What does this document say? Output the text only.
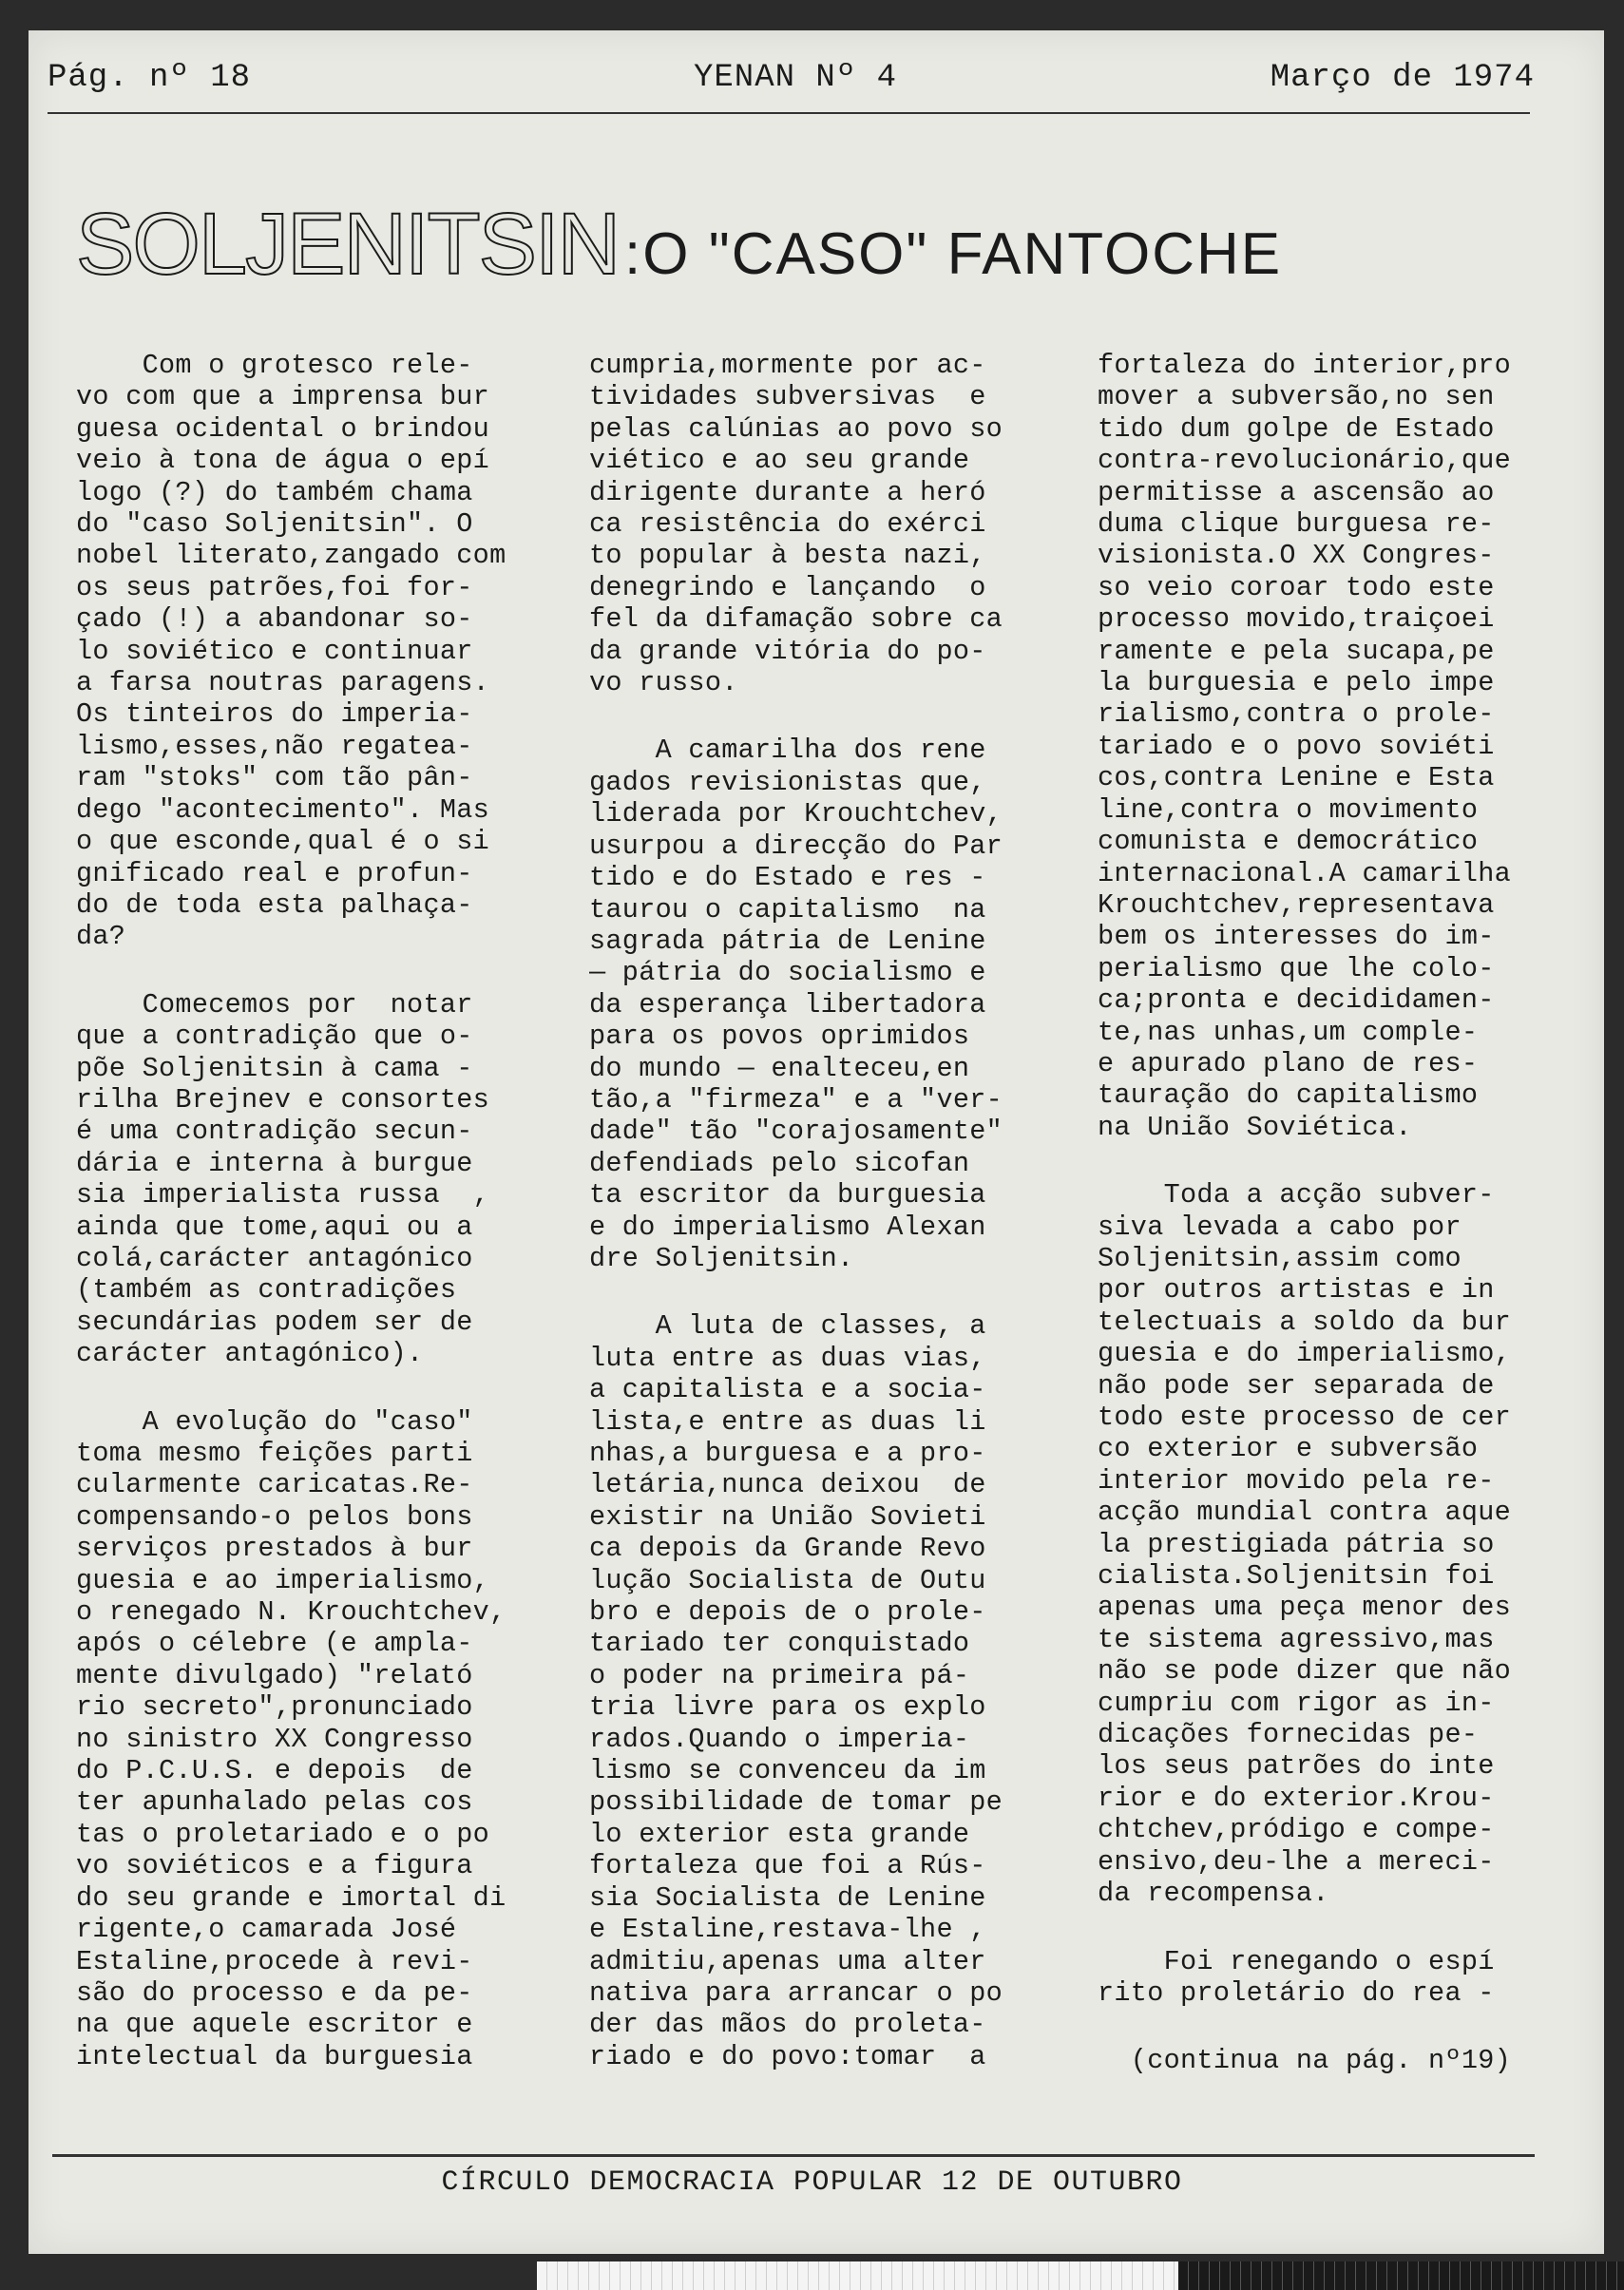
Pág. nº 18	YENAN Nº 4	Março de 1974
SOLJENITSIN:O "CASO" FANTOCHE

Com o grotesco rele-
vo com que a imprensa bur
guesa ocidental o brindou
veio à tona de água o epí
logo (?) do também chama
do "caso Soljenitsin". O
nobel literato,zangado com
os seus patrões,foi for-
çado (!) a abandonar so-
lo soviético e continuar
a farsa noutras paragens.
Os tinteiros do imperia-
lismo,esses,não regatea-
ram "stoks" com tão pân-
dego "acontecimento". Mas
o que esconde,qual é o si
gnificado real e profun-
do de toda esta palhaça-
da?

Comecemos por  notar
que a contradição que o-
põe Soljenitsin à cama -
rilha Brejnev e consortes
é uma contradição secun-
dária e interna à burgue
sia imperialista russa  ,
ainda que tome,aqui ou a
colá,carácter antagónico
(também as contradições
secundárias podem ser de
carácter antagónico).

A evolução do "caso"
toma mesmo feições parti
cularmente caricatas.Re-
compensando-o pelos bons
serviços prestados à bur
guesia e ao imperialismo,
o renegado N. Krouchtchev,
após o célebre (e ampla-
mente divulgado) "relató
rio secreto",pronunciado
no sinistro XX Congresso
do P.C.U.S. e depois  de
ter apunhalado pelas cos
tas o proletariado e o po
vo soviéticos e a figura
do seu grande e imortal di
rigente,o camarada José
Estaline,procede à revi-
são do processo e da pe-
na que aquele escritor e
intelectual da burguesia

cumpria,mormente por ac-
tividades subversivas  e
pelas calúnias ao povo so
viético e ao seu grande
dirigente durante a heró
ca resistência do exérci
to popular à besta nazi,
denegrindo e lançando  o
fel da difamação sobre ca
da grande vitória do po-
vo russo.

A camarilha dos rene
gados revisionistas que,
liderada por Krouchtchev,
usurpou a direcção do Par
tido e do Estado e res -
taurou o capitalismo  na
sagrada pátria de Lenine
— pátria do socialismo e
da esperança libertadora
para os povos oprimidos
do mundo — enalteceu,en
tão,a "firmeza" e a "ver-
dade" tão "corajosamente"
defendiads pelo sicofan
ta escritor da burguesia
e do imperialismo Alexan
dre Soljenitsin.

A luta de classes, a
luta entre as duas vias,
a capitalista e a socia-
lista,e entre as duas li
nhas,a burguesa e a pro-
letária,nunca deixou  de
existir na União Sovieti
ca depois da Grande Revo
lução Socialista de Outu
bro e depois de o prole-
tariado ter conquistado
o poder na primeira pá-
tria livre para os explo
rados.Quando o imperia-
lismo se convenceu da im
possibilidade de tomar pe
lo exterior esta grande
fortaleza que foi a Rús-
sia Socialista de Lenine
e Estaline,restava-lhe ,
admitiu,apenas uma alter
nativa para arrancar o po
der das mãos do proleta-
riado e do povo:tomar  a

fortaleza do interior,pro
mover a subversão,no sen
tido dum golpe de Estado
contra-revolucionário,que
permitisse a ascensão ao
duma clique burguesa re-
visionista.O XX Congres-
so veio coroar todo este
processo movido,traiçoei
ramente e pela sucapa,pe
la burguesia e pelo impe
rialismo,contra o prole-
tariado e o povo soviéti
cos,contra Lenine e Esta
line,contra o movimento
comunista e democrático
internacional.A camarilha
Krouchtchev,representava
bem os interesses do im-
perialismo que lhe colo-
ca;pronta e decididamen-
te,nas unhas,um comple-
e apurado plano de res-
tauração do capitalismo
na União Soviética.

Toda a acção subver-
siva levada a cabo por
Soljenitsin,assim como
por outros artistas e in
telectuais a soldo da bur
guesia e do imperialismo,
não pode ser separada de
todo este processo de cer
co exterior e subversão
interior movido pela re-
acção mundial contra aque
la prestigiada pátria so
cialista.Soljenitsin foi
apenas uma peça menor des
te sistema agressivo,mas
não se pode dizer que não
cumpriu com rigor as in-
dicações fornecidas pe-
los seus patrões do inte
rior e do exterior.Krou-
chtchev,pródigo e compe-
ensivo,deu-lhe a mereci-
da recompensa.

Foi renegando o espí
rito proletário do rea -

(continua na pág. nº19)

CÍRCULO DEMOCRACIA POPULAR 12 DE OUTUBRO
